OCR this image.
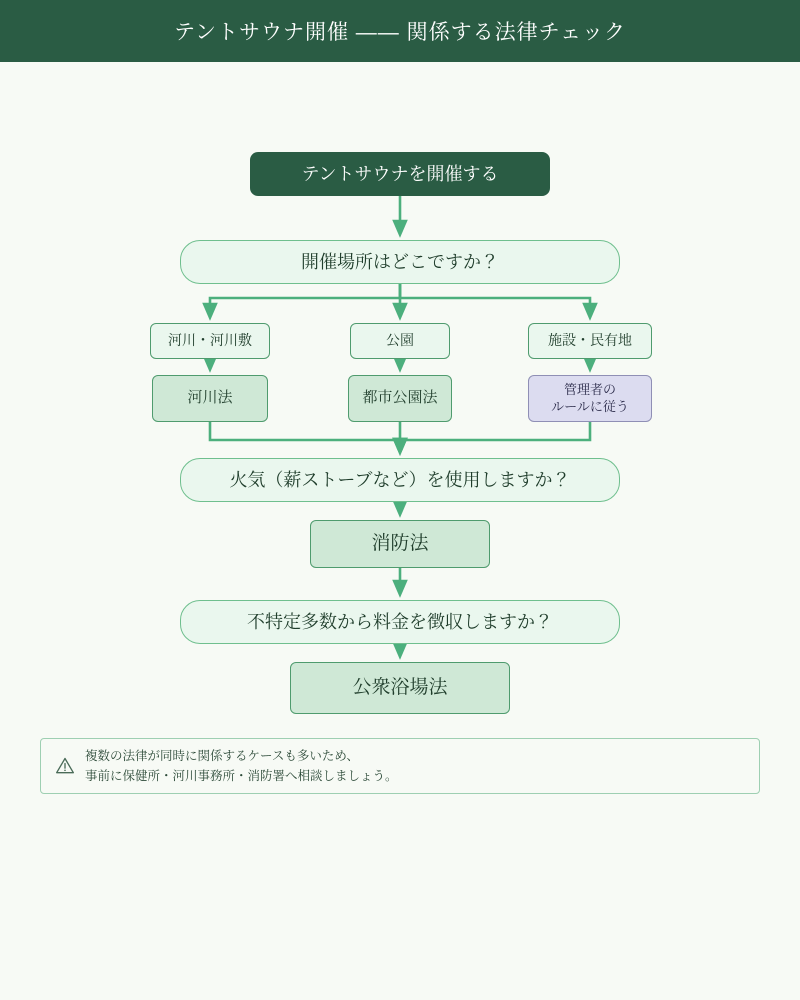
テントサウナ開催 —— 関係する法律チェック
テントサウナを開催する
開催場所はどこですか？
河川・河川敷	公園	施設・民有地
河川法	都市公園法
管理者の
ルールに従う
火気（薪ストーブなど）を使用しますか？
消防法
不特定多数から料金を徴収しますか？
公衆浴場法
複数の法律が同時に関係するケースも多いため、
事前に保健所・河川事務所・消防署へ相談しましょう。
